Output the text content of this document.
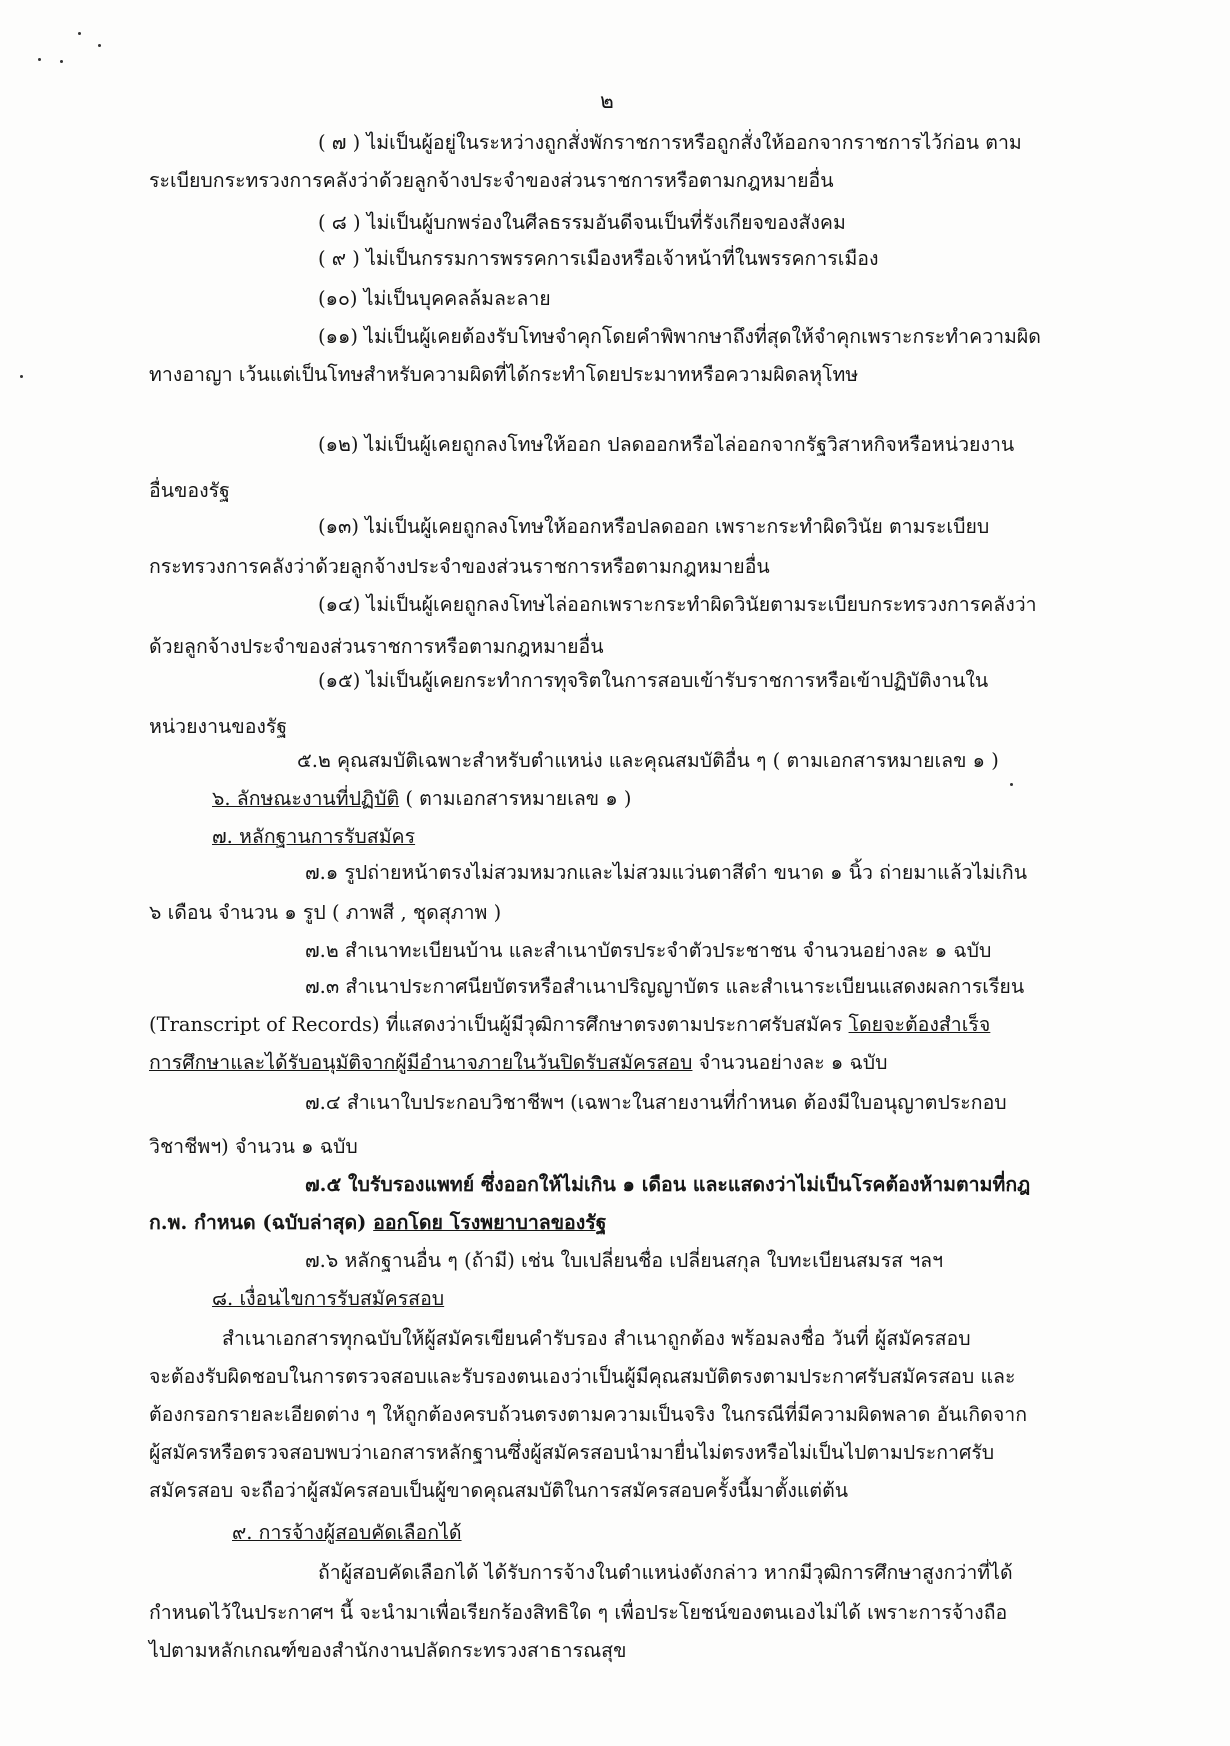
๒
( ๗ ) ไม่เป็นผู้อยู่ในระหว่างถูกสั่งพักราชการหรือถูกสั่งให้ออกจากราชการไว้ก่อน ตาม
ระเบียบกระทรวงการคลังว่าด้วยลูกจ้างประจำของส่วนราชการหรือตามกฎหมายอื่น
( ๘ ) ไม่เป็นผู้บกพร่องในศีลธรรมอันดีจนเป็นที่รังเกียจของสังคม
( ๙ ) ไม่เป็นกรรมการพรรคการเมืองหรือเจ้าหน้าที่ในพรรคการเมือง
(๑๐) ไม่เป็นบุคคลล้มละลาย
(๑๑) ไม่เป็นผู้เคยต้องรับโทษจำคุกโดยคำพิพากษาถึงที่สุดให้จำคุกเพราะกระทำความผิด
ทางอาญา เว้นแต่เป็นโทษสำหรับความผิดที่ได้กระทำโดยประมาทหรือความผิดลหุโทษ
(๑๒) ไม่เป็นผู้เคยถูกลงโทษให้ออก ปลดออกหรือไล่ออกจากรัฐวิสาหกิจหรือหน่วยงาน
อื่นของรัฐ
(๑๓) ไม่เป็นผู้เคยถูกลงโทษให้ออกหรือปลดออก เพราะกระทำผิดวินัย ตามระเบียบ
กระทรวงการคลังว่าด้วยลูกจ้างประจำของส่วนราชการหรือตามกฎหมายอื่น
(๑๔) ไม่เป็นผู้เคยถูกลงโทษไล่ออกเพราะกระทำผิดวินัยตามระเบียบกระทรวงการคลังว่า
ด้วยลูกจ้างประจำของส่วนราชการหรือตามกฎหมายอื่น
(๑๕) ไม่เป็นผู้เคยกระทำการทุจริตในการสอบเข้ารับราชการหรือเข้าปฏิบัติงานใน
หน่วยงานของรัฐ
๕.๒ คุณสมบัติเฉพาะสำหรับตำแหน่ง และคุณสมบัติอื่น ๆ ( ตามเอกสารหมายเลข ๑ )
๖. ลักษณะงานที่ปฏิบัติ ( ตามเอกสารหมายเลข ๑ )
๗. หลักฐานการรับสมัคร
๗.๑ รูปถ่ายหน้าตรงไม่สวมหมวกและไม่สวมแว่นตาสีดำ ขนาด ๑ นิ้ว ถ่ายมาแล้วไม่เกิน
๖ เดือน จำนวน ๑ รูป ( ภาพสี , ชุดสุภาพ )
๗.๒ สำเนาทะเบียนบ้าน และสำเนาบัตรประจำตัวประชาชน จำนวนอย่างละ ๑ ฉบับ
๗.๓ สำเนาประกาศนียบัตรหรือสำเนาปริญญาบัตร และสำเนาระเบียนแสดงผลการเรียน
(Transcript of Records) ที่แสดงว่าเป็นผู้มีวุฒิการศึกษาตรงตามประกาศรับสมัคร โดยจะต้องสำเร็จ
การศึกษาและได้รับอนุมัติจากผู้มีอำนาจภายในวันปิดรับสมัครสอบ จำนวนอย่างละ ๑ ฉบับ
๗.๔ สำเนาใบประกอบวิชาชีพฯ (เฉพาะในสายงานที่กำหนด ต้องมีใบอนุญาตประกอบ
วิชาชีพฯ) จำนวน ๑ ฉบับ
๗.๕ ใบรับรองแพทย์ ซึ่งออกให้ไม่เกิน ๑ เดือน และแสดงว่าไม่เป็นโรคต้องห้ามตามที่กฎ
ก.พ. กำหนด (ฉบับล่าสุด) ออกโดย โรงพยาบาลของรัฐ
๗.๖ หลักฐานอื่น ๆ (ถ้ามี) เช่น ใบเปลี่ยนชื่อ เปลี่ยนสกุล ใบทะเบียนสมรส ฯลฯ
๘. เงื่อนไขการรับสมัครสอบ
สำเนาเอกสารทุกฉบับให้ผู้สมัครเขียนคำรับรอง สำเนาถูกต้อง พร้อมลงชื่อ วันที่ ผู้สมัครสอบ
จะต้องรับผิดชอบในการตรวจสอบและรับรองตนเองว่าเป็นผู้มีคุณสมบัติตรงตามประกาศรับสมัครสอบ และ
ต้องกรอกรายละเอียดต่าง ๆ ให้ถูกต้องครบถ้วนตรงตามความเป็นจริง ในกรณีที่มีความผิดพลาด อันเกิดจาก
ผู้สมัครหรือตรวจสอบพบว่าเอกสารหลักฐานซึ่งผู้สมัครสอบนำมายื่นไม่ตรงหรือไม่เป็นไปตามประกาศรับ
สมัครสอบ จะถือว่าผู้สมัครสอบเป็นผู้ขาดคุณสมบัติในการสมัครสอบครั้งนี้มาตั้งแต่ต้น
๙. การจ้างผู้สอบคัดเลือกได้
ถ้าผู้สอบคัดเลือกได้ ได้รับการจ้างในตำแหน่งดังกล่าว หากมีวุฒิการศึกษาสูงกว่าที่ได้
กำหนดไว้ในประกาศฯ นี้ จะนำมาเพื่อเรียกร้องสิทธิใด ๆ เพื่อประโยชน์ของตนเองไม่ได้ เพราะการจ้างถือ
ไปตามหลักเกณฑ์ของสำนักงานปลัดกระทรวงสาธารณสุข
